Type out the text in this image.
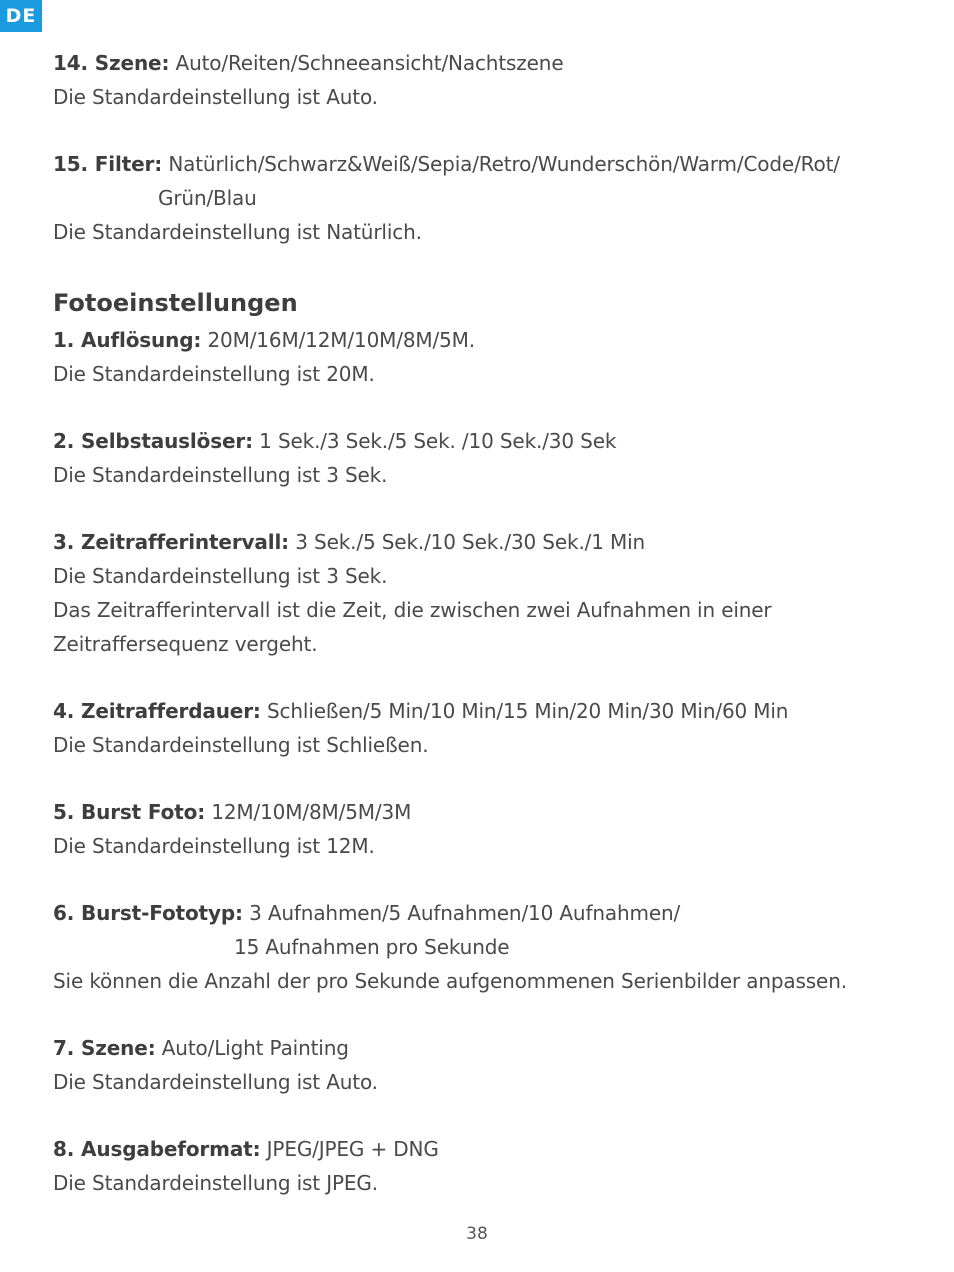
DE
14. Szene: Auto/Reiten/Schneeansicht/Nachtszene
Die Standardeinstellung ist Auto.
15. Filter: Natürlich/Schwarz&Weiß/Sepia/Retro/Wunderschön/Warm/Code/Rot/
Grün/Blau
Die Standardeinstellung ist Natürlich.
Fotoeinstellungen
1. Auflösung: 20M/16M/12M/10M/8M/5M.
Die Standardeinstellung ist 20M.
2. Selbstauslöser: 1 Sek./3 Sek./5 Sek. /10 Sek./30 Sek
Die Standardeinstellung ist 3 Sek.
3. Zeitrafferintervall: 3 Sek./5 Sek./10 Sek./30 Sek./1 Min
Die Standardeinstellung ist 3 Sek.
Das Zeitrafferintervall ist die Zeit, die zwischen zwei Aufnahmen in einer
Zeitraffersequenz vergeht.
4. Zeitrafferdauer: Schließen/5 Min/10 Min/15 Min/20 Min/30 Min/60 Min
Die Standardeinstellung ist Schließen.
5. Burst Foto: 12M/10M/8M/5M/3M
Die Standardeinstellung ist 12M.
6. Burst-Fototyp: 3 Aufnahmen/5 Aufnahmen/10 Aufnahmen/
15 Aufnahmen pro Sekunde
Sie können die Anzahl der pro Sekunde aufgenommenen Serienbilder anpassen.
7. Szene: Auto/Light Painting
Die Standardeinstellung ist Auto.
8. Ausgabeformat: JPEG/JPEG + DNG
Die Standardeinstellung ist JPEG.
38
